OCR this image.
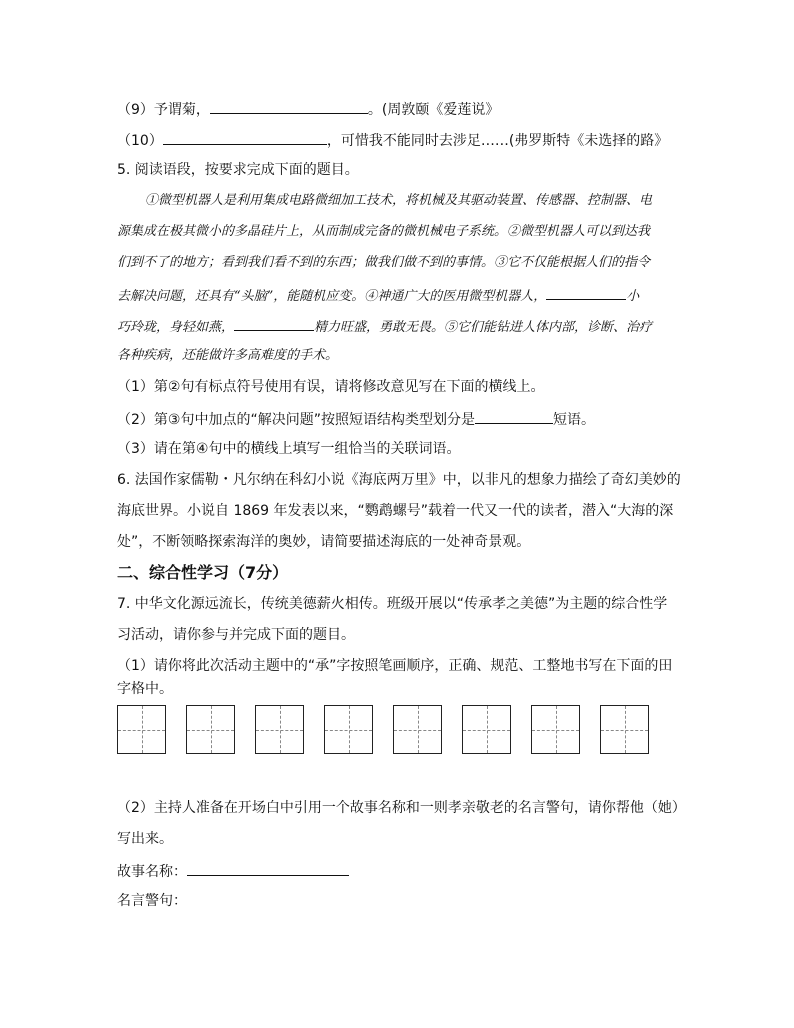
（9）予谓菊，	。(周敦颐《爱莲说》
（10）	，可惜我不能同时去涉足……(弗罗斯特《未选择的路》
5. 阅读语段，按要求完成下面的题目。
①微型机器人是利用集成电路微细加工技术，将机械及其驱动装置、传感器、控制器、电
源集成在极其微小的多晶硅片上，从而制成完备的微机械电子系统。②微型机器人可以到达我
们到不了的地方；看到我们看不到的东西；做我们做不到的事情。③它不仅能根据人们的指令
去解决问题，还具有“头脑”，能随机应变。④神通广大的医用微型机器人，	小
巧玲珑，身轻如燕，	精力旺盛，勇敢无畏。⑤它们能钻进人体内部，诊断、治疗
各种疾病，还能做许多高难度的手术。
（1）第②句有标点符号使用有误，请将修改意见写在下面的横线上。
（2）第③句中加点的“解决问题”按照短语结构类型划分是	短语。
（3）请在第④句中的横线上填写一组恰当的关联词语。
6. 法国作家儒勒・凡尔纳在科幻小说《海底两万里》中，以非凡的想象力描绘了奇幻美妙的
海底世界。小说自 1869 年发表以来，“鹦鹉螺号”载着一代又一代的读者，潜入“大海的深
处”，不断领略探索海洋的奥妙，请简要描述海底的一处神奇景观。
二、综合性学习（7分）
7. 中华文化源远流长，传统美德薪火相传。班级开展以“传承孝之美德”为主题的综合性学
习活动，请你参与并完成下面的题目。
（1）请你将此次活动主题中的“承”字按照笔画顺序，正确、规范、工整地书写在下面的田
字格中。
（2）主持人准备在开场白中引用一个故事名称和一则孝亲敬老的名言警句，请你帮他（她）
写出来。
故事名称：
名言警句：
